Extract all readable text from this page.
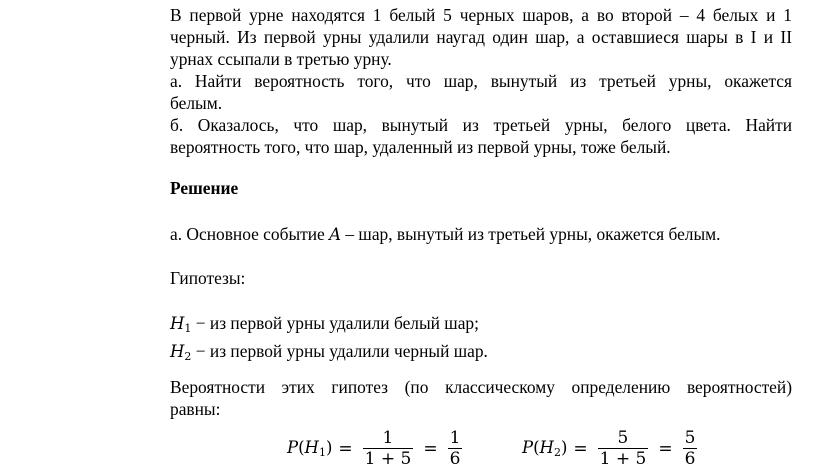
В первой урне находятся 1 белый 5 черных шаров, а во второй – 4 белых и 1
черный. Из первой урны удалили наугад один шар, а оставшиеся шары в I и II
урнах ссыпали в третью урну.
а. Найти вероятность того, что шар, вынутый из третьей урны, окажется
белым.
б. Оказалось, что шар, вынутый из третьей урны, белого цвета. Найти
вероятность того, что шар, удаленный из первой урны, тоже белый.

Решение

а. Основное событие A – шар, вынутый из третьей урны, окажется белым.

Гипотезы:

$H_1$ − из первой урны удалили белый шар;

$H_2$ − из первой урны удалили черный шар.

Вероятности этих гипотез (по классическому определению вероятностей)
равны:

$P(H_1) = \frac{1}{1 + 5} = \frac{1}{6}$	$P(H_2) = \frac{5}{1 + 5} = \frac{5}{6}$
